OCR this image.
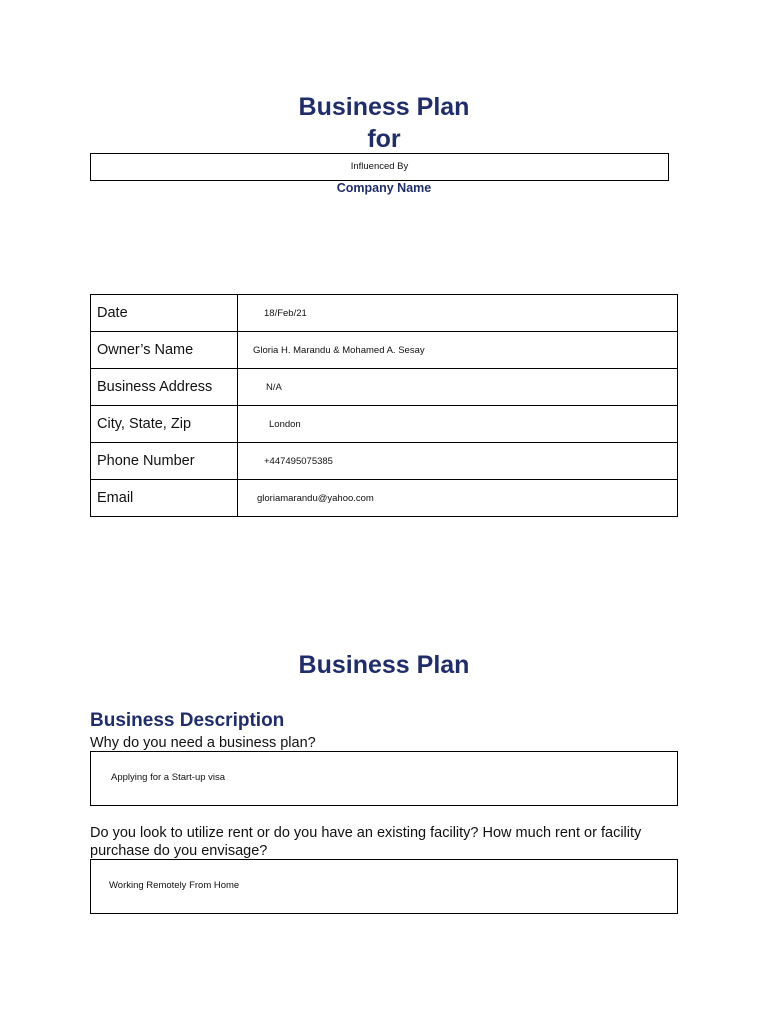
Business Plan
for
Influenced By
Company Name
Date	18/Feb/21
Owner’s Name	Gloria H. Marandu & Mohamed A. Sesay
Business Address	N/A
City, State, Zip	London
Phone Number	+447495075385
Email	gloriamarandu@yahoo.com
Business Plan
Business Description
Why do you need a business plan?
Applying for a Start-up visa
Do you look to utilize rent or do you have an existing facility? How much rent or facility purchase do you envisage?
Working Remotely From Home
